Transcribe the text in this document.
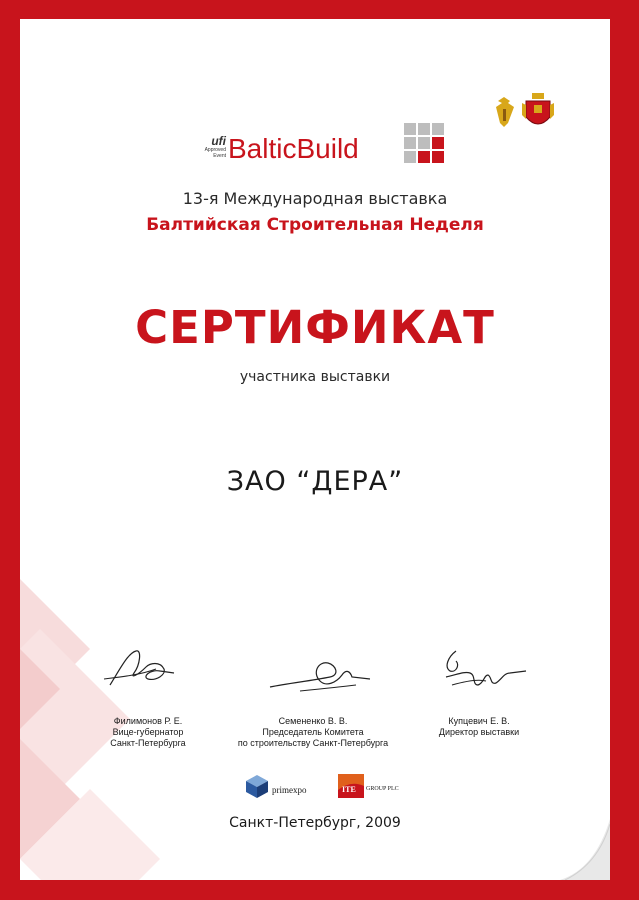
ufi
Approved
Event BalticBuild
13-я Международная выставка
Балтийская Строительная Неделя
СЕРТИФИКАТ
участника выставки
ЗАО “ДЕРА”
Филимонов Р. Е.
Вице-губернатор
Санкт-Петербурга
Семененко В. В.
Председатель Комитета
по строительству Санкт-Петербурга
Купцевич Е. В.
Директор выставки
primexpo	ITE GROUP PLC
Санкт-Петербург, 2009
